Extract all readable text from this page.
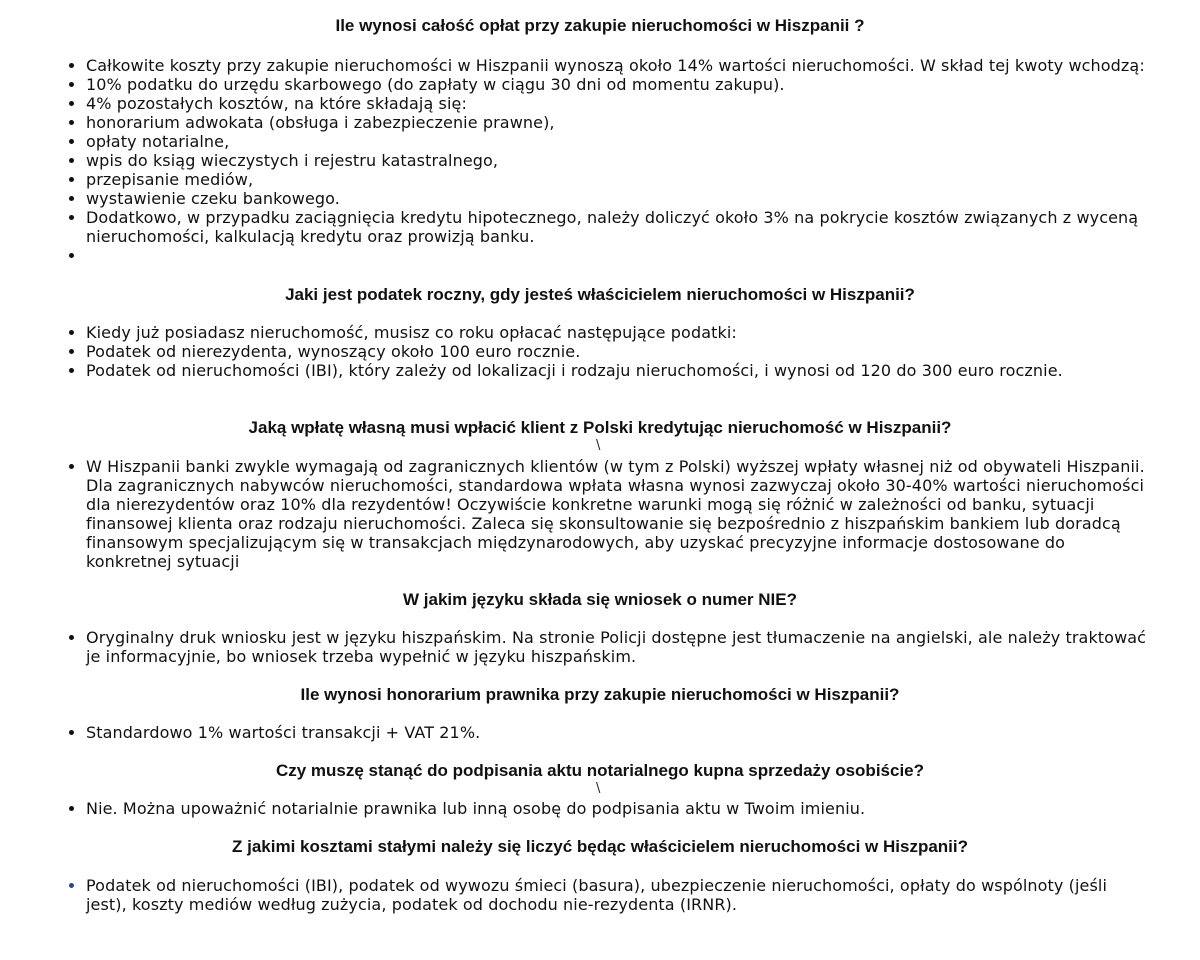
Ile wynosi całość opłat przy zakupie nieruchomości w Hiszpanii ?
Całkowite koszty przy zakupie nieruchomości w Hiszpanii wynoszą około 14% wartości nieruchomości. W skład tej kwoty wchodzą:
10% podatku do urzędu skarbowego (do zapłaty w ciągu 30 dni od momentu zakupu).
4% pozostałych kosztów, na które składają się:
honorarium adwokata (obsługa i zabezpieczenie prawne),
opłaty notarialne,
wpis do ksiąg wieczystych i rejestru katastralnego,
przepisanie mediów,
wystawienie czeku bankowego.
Dodatkowo, w przypadku zaciągnięcia kredytu hipotecznego, należy doliczyć około 3% na pokrycie kosztów związanych z wyceną nieruchomości, kalkulacją kredytu oraz prowizją banku.
Jaki jest podatek roczny, gdy jesteś właścicielem nieruchomości w Hiszpanii?
Kiedy już posiadasz nieruchomość, musisz co roku opłacać następujące podatki:
Podatek od nierezydenta, wynoszący około 100 euro rocznie.
Podatek od nieruchomości (IBI), który zależy od lokalizacji i rodzaju nieruchomości, i wynosi od 120 do 300 euro rocznie.
Jaką wpłatę własną musi wpłacić klient z Polski kredytując nieruchomość w Hiszpanii?
\
W Hiszpanii banki zwykle wymagają od zagranicznych klientów (w tym z Polski) wyższej wpłaty własnej niż od obywateli Hiszpanii. Dla zagranicznych nabywców nieruchomości, standardowa wpłata własna wynosi zazwyczaj około 30-40% wartości nieruchomości dla nierezydentów oraz 10% dla rezydentów! Oczywiście konkretne warunki mogą się różnić w zależności od banku, sytuacji finansowej klienta oraz rodzaju nieruchomości. Zaleca się skonsultowanie się bezpośrednio z hiszpańskim bankiem lub doradcą finansowym specjalizującym się w transakcjach międzynarodowych, aby uzyskać precyzyjne informacje dostosowane do konkretnej sytuacji
W jakim języku składa się wniosek o numer NIE?
Oryginalny druk wniosku jest w języku hiszpańskim. Na stronie Policji dostępne jest tłumaczenie na angielski, ale należy traktować je informacyjnie, bo wniosek trzeba wypełnić w języku hiszpańskim.
Ile wynosi honorarium prawnika przy zakupie nieruchomości w Hiszpanii?
Standardowo 1% wartości transakcji + VAT 21%.
Czy muszę stanąć do podpisania aktu notarialnego kupna sprzedaży osobiście?
\
Nie. Można upoważnić notarialnie prawnika lub inną osobę do podpisania aktu w Twoim imieniu.
Z jakimi kosztami stałymi należy się liczyć będąc właścicielem nieruchomości w Hiszpanii?
Podatek od nieruchomości (IBI), podatek od wywozu śmieci (basura), ubezpieczenie nieruchomości, opłaty do wspólnoty (jeśli jest), koszty mediów według zużycia, podatek od dochodu nie-rezydenta (IRNR).
